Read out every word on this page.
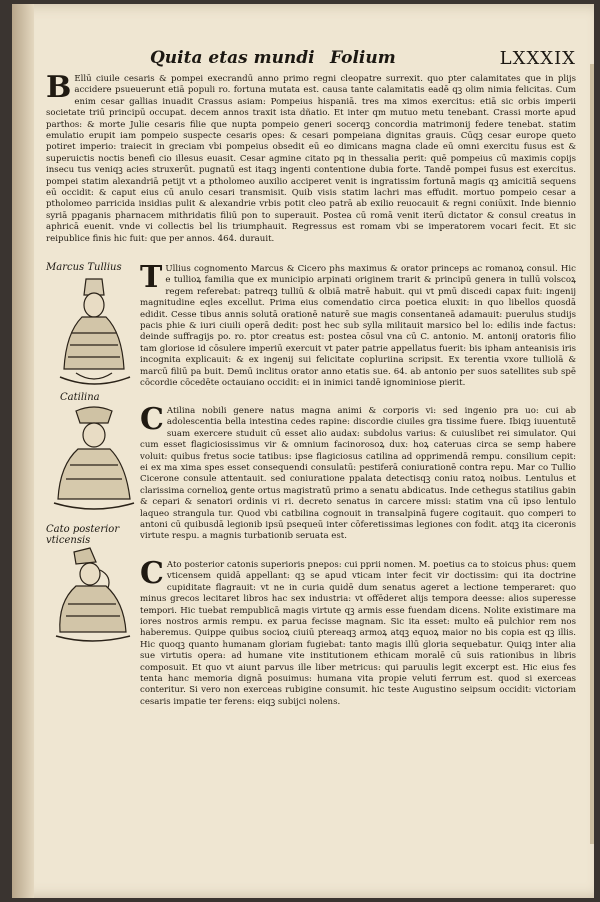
Quita etas mundi Folium	LXXXIX
B Ellū ciuile cesaris & pompei execrandū anno primo regni cleopatre surrexit. quo pter calamitates que in plijs accidere psueuerunt etiā populi ro. fortuna mutata est. causa tante calamitatis eadē qꝫ olim nimia felicitas. Cum enim cesar gallias inuadit Crassus asiam: Pompeius hispaniā. tres ma ximos exercitus: etiā sic orbis imperii societate triū principū occupat. decem annos traxit ista dñatio. Et inter qm mutuo metu tenebant. Crassi morte apud parthos: & morte Julie cesaris filie que nupta pompeio generi socerqꝫ concordia matrimonij federe tenebat. statim emulatio erupit iam pompeio suspecte cesaris opes: & cesari pompeiana dignitas grauis. Cūqꝫ cesar europe queto potiret imperio: traiecit in greciam vbi pompeius obsedit eū eo dimicans magna clade eū omni exercitu fusus est & superuictis noctis benefi cio illesus euasit. Cesar agmine citato pq in thessalia perit: quē pompeius cū maximis copijs insecu tus veniqꝫ acies struxerūt. pugnatū est itaqꝫ ingenti contentione dubia forte. Tandē pompei fusus est exercitus. pompei statim alexandriā petijt vt a ptholomeo auxilio acciperet venit is ingratissim fortunā magis qꝫ amicitiā sequens eū occidit: & caput eius cū anulo cesari transmisit. Quib visis statim lachri mas effudit. mortuo pompeio cesar a ptholomeo parricida insidias pulit & alexandrie vrbis potit cleo patrā ab exilio reuocauit & regni coniūxit. Inde biennio syriā ppaganis pharnacem mithridatis filiū pon to superauit. Postea cū romā venit iterū dictator & consul creatus in aphricā euenit. vnde vi collectis bel lis triumphauit. Regressus est romam vbi se imperatorem vocari fecit. Et sic reipublice finis hic fuit: que per annos. 464. durauit.
Marcus Tullius
Catilina
Cato posterior vticensis
T Ullius cognomento Marcus & Cicero phs maximus & orator princeps ac romanoꝝ consul. Hic e tullioꝝ familia que ex municipio arpinati originem trarit & principū genera in tullū volscoꝝ regem referebat: patreqꝫ tulliū & olbiā matrē habuit. qui vt pmū discedi capax fuit: ingenij magnitudine eqles excellut. Prima eius comendatio circa poetica eluxit: in quo libellos quosdā edidit. Cesse tibus annis solutā orationē naturē sue magis consentaneā adamauit: puerulus studijs pacis phie & iuri ciuili operā dedit: post hec sub sylla militauit marsico bel lo: edilis inde factus: deinde suffragijs po. ro. ptor creatus est: postea cōsul vna cū C. antonio. M. antonij oratoris filio tam gloriose id cōsulere imperiū exercuit vt pater patrie appellatus fuerit: bis ipham anteanisis iris incognita explicauit: & ex ingenij sui felicitate copluriina scripsit. Ex terentia vxore tulliolā & marcū filiū pa buit. Demū inclitus orator anno etatis sue. 64. ab antonio per suos satellites sub spē cōcordie cōcedēte octauiano occidit: ei in inimici tandē ignominiose pierit.
C Atilina nobili genere natus magna animi & corporis vi: sed ingenio pra uo: cui ab adolescentia bella intestina cedes rapine: discordie ciuiles gra tissime fuere. Ibiqꝫ iuuentutē suam exercere studuit cū esset alio audax: subdolus varius: & cuiuslibet rei simulator. Qui cum esset flagiciosissimus vir & omnium facinorosoꝝ dux: hoꝝ cateruas circa se semp habere voluit: quibus fretus socie tatibus: ipse flagiciosus catilina ad opprimendā rempu. consilium cepit: ei ex ma xima spes esset consequendi consulatū: pestiferā coniurationē contra repu. Mar co Tullio Cicerone consule attentauit. sed coniuratione ppalata detectisqꝫ coniu ratoꝝ noibus. Lentulus et clarissima cornelioꝝ gente ortus magistratū primo a senatu abdicatus. Inde cethegus statilius gabin & cepari & senatori ordinis vi ri. decreto senatus in carcere missi: statim vna cū ipso lentulo laqueo strangula tur. Quod vbi catbilina cognouit in transalpinā fugere cogitauit. quo comperi to antoni cū quibusdā legionib ipsū psequeū inter cōferetissimas legiones con fodit. atqꝫ ita ciceronis virtute respu. a magnis turbationib seruata est.
C Ato posterior catonis superioris pnepos: cui pprii nomen. M. poetius ca to stoicus phus: quem vticensem quidā appellant: qꝫ se apud vticam inter fecit vir doctissim: qui ita doctrine cupiditate flagrauit: vt ne in curia quidē dum senatus ageret a lectione temperaret: quo minus grecos lecitaret libros hac sex industria: vt offēderet alijs tempora deesse: alios superesse tempori. Hic tuebat rempublicā magis virtute qꝫ armis esse fuendam dicens. Nolite existimare ma iores nostros armis rempu. ex parua fecisse magnam. Sic ita esset: multo eā pulchior rem nos haberemus. Quippe quibus socioꝝ ciuiū ptereaqꝫ armoꝝ atqꝫ equoꝝ maior no bis copia est qꝫ illis. Hic quoqꝫ quanto humanam gloriam fugiebat: tanto magis illū gloria sequebatur. Quiqꝫ inter alia sue virtutis opera: ad humane vite institutionem ethicam moralē cū suis rationibus in libris composuit. Et quo vt aiunt parvus ille liber metricus: qui paruulis legit excerpt est. Hic eius fes tenta hanc memoria dignā posuimus: humana vita propie veluti ferrum est. quod si exerceas conteritur. Si vero non exerceas rubigine consumit. hic teste Augustino seipsum occidit: victoriam cesaris impatie ter ferens: eiqꝫ subijci nolens.
